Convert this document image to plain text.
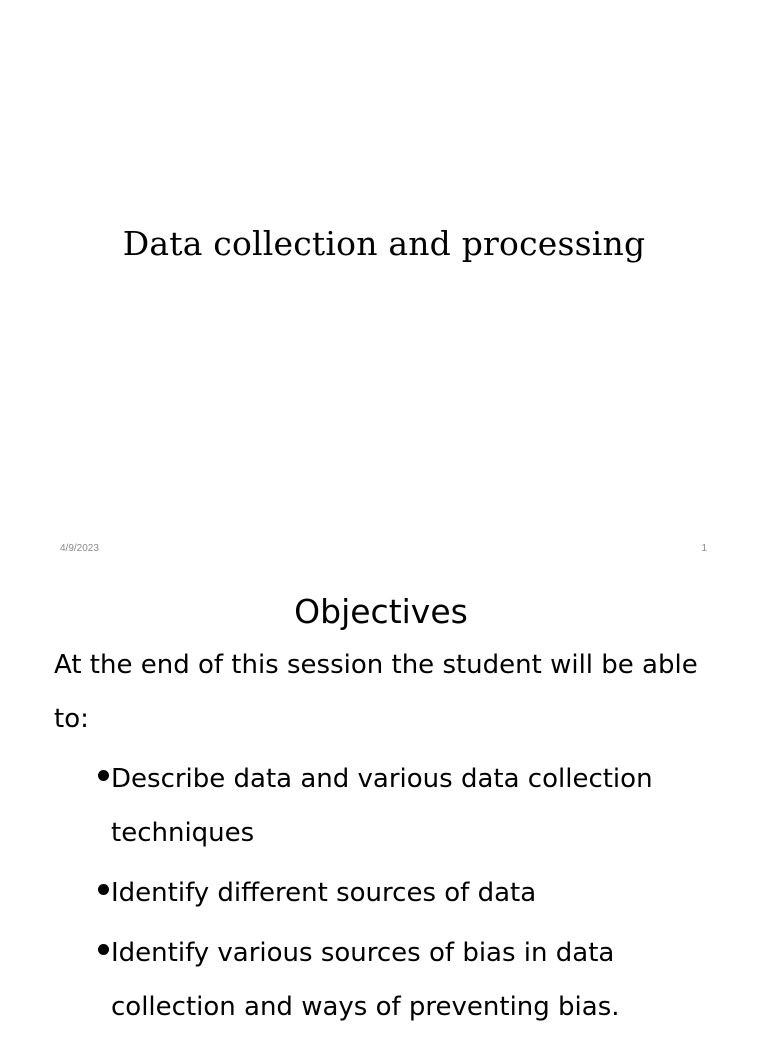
Data collection and processing
4/9/2023	1
Objectives
At the end of this session the student will be able to:
Describe data and various data collection techniques
Identify different sources of data
Identify various sources of bias in data collection and ways of preventing bias.
